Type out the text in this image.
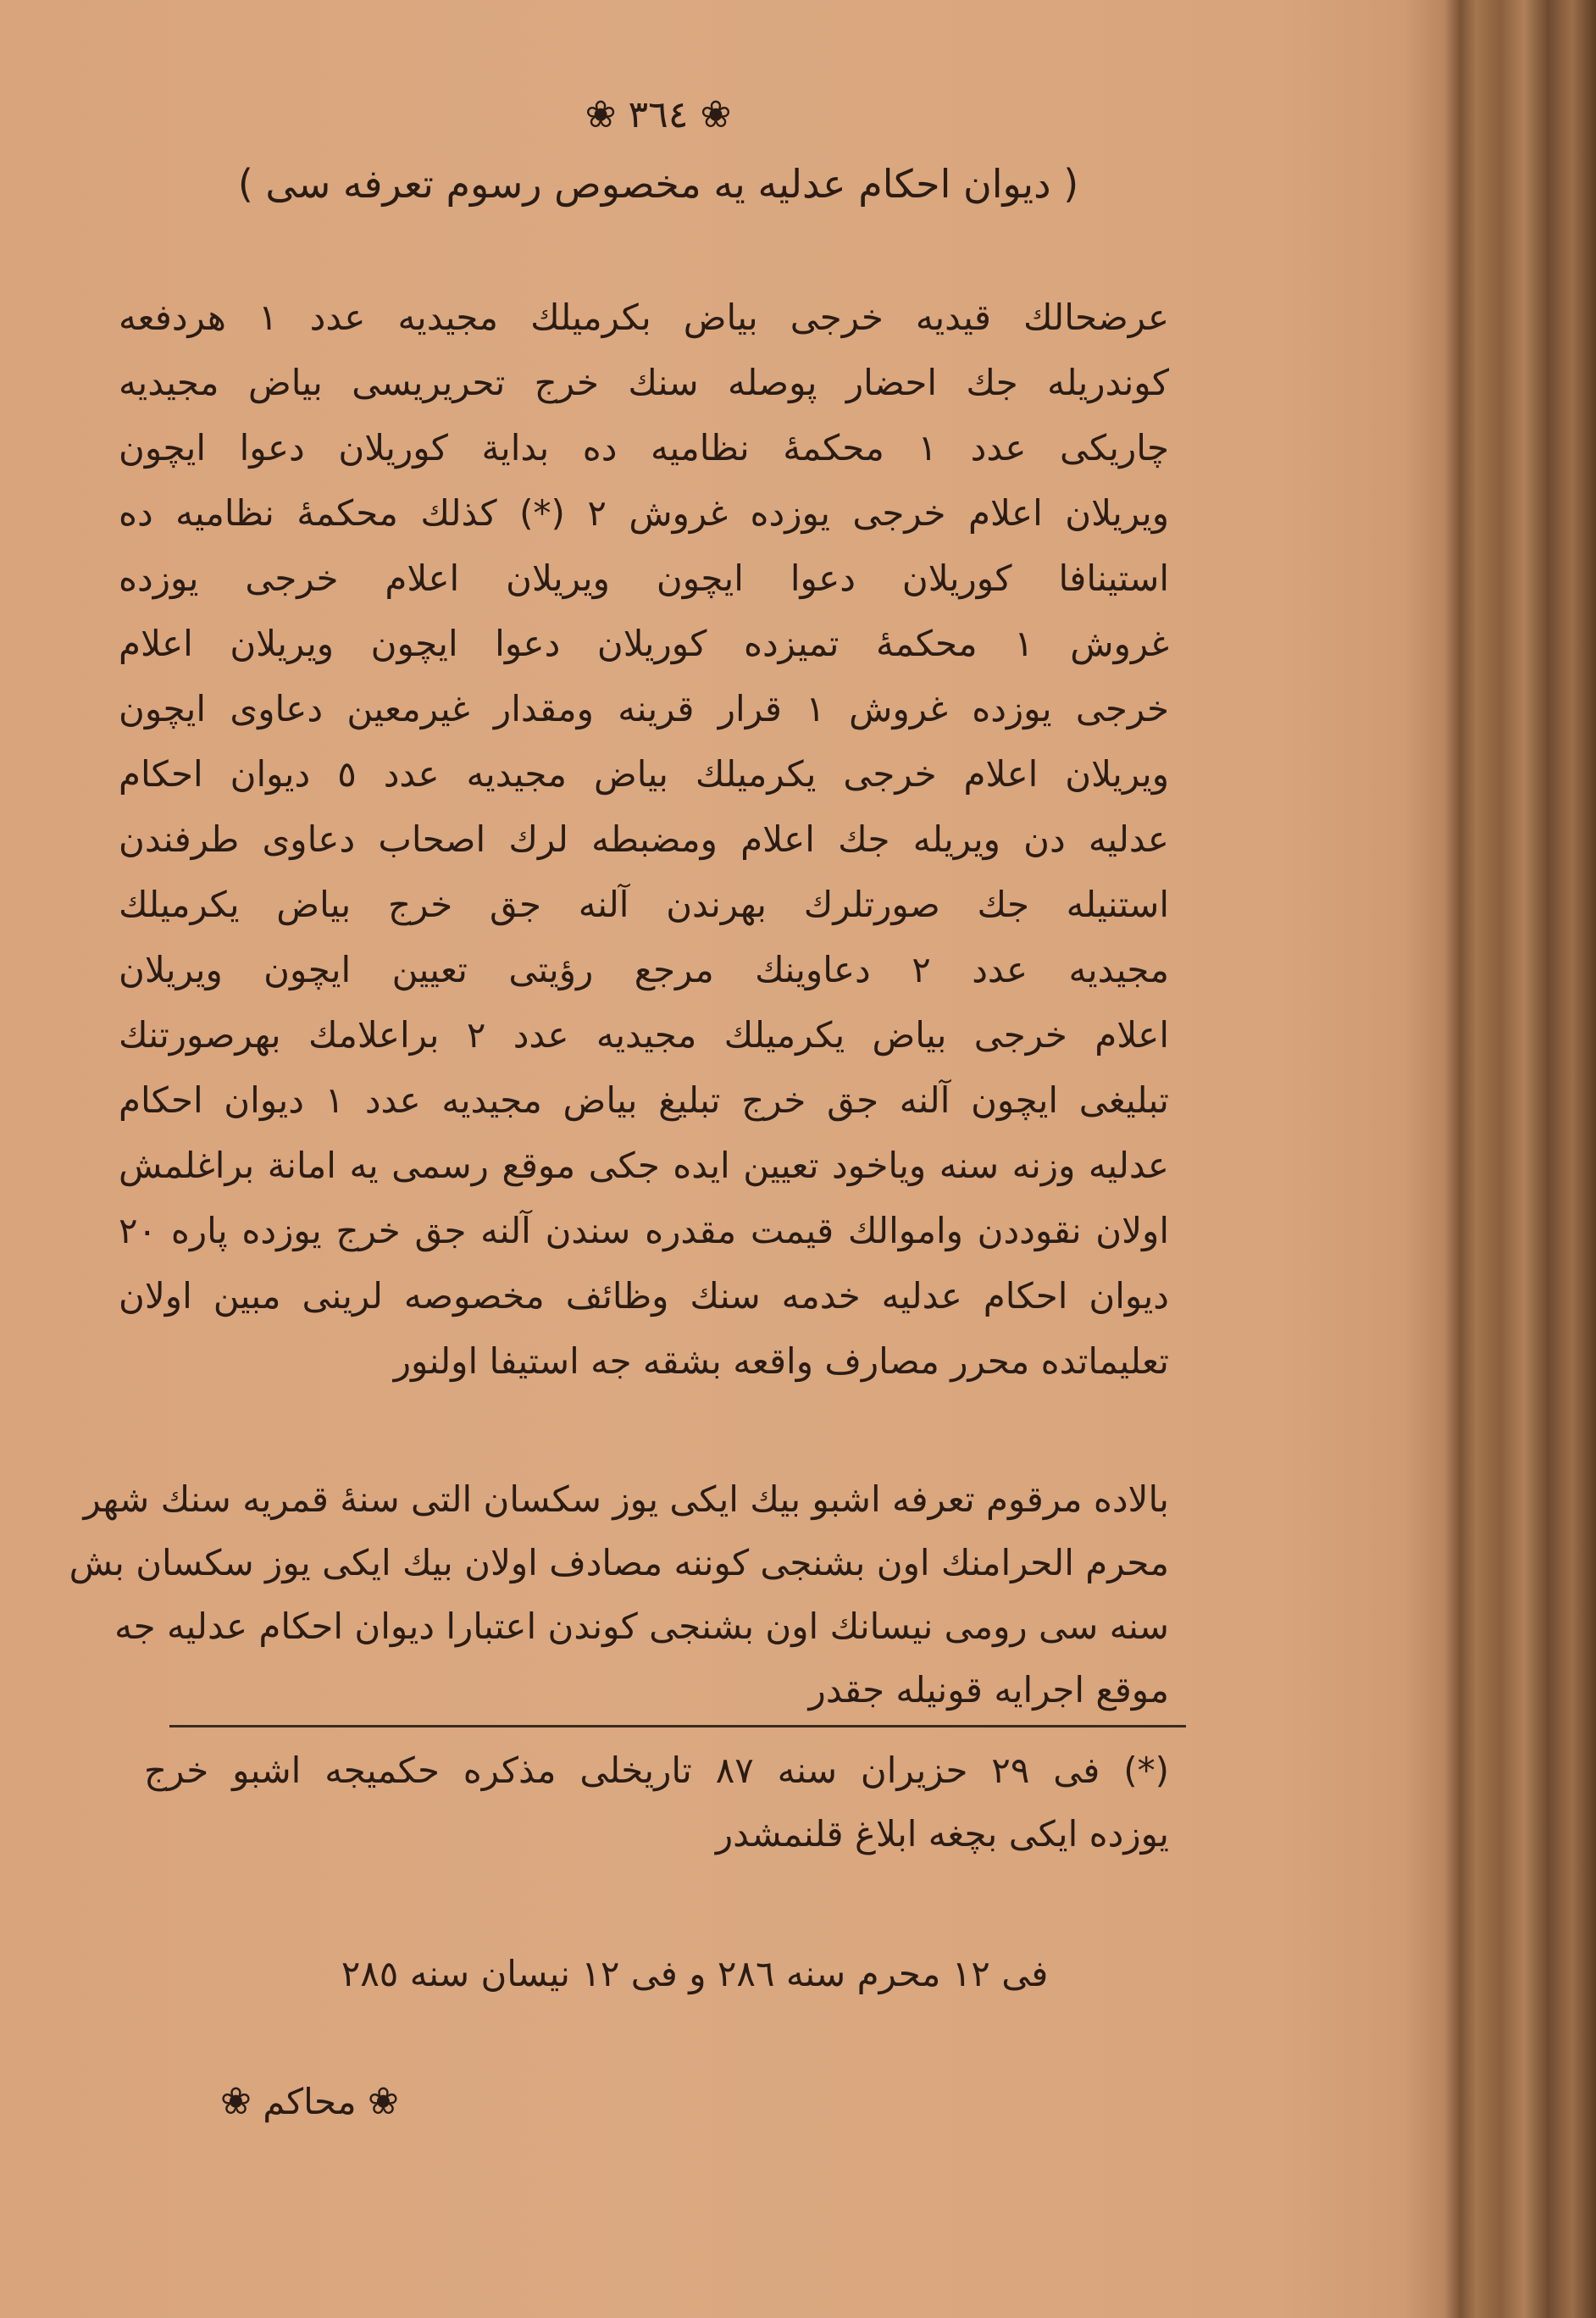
❀ ٣٦٤ ❀
( ديوان احكام عدليه يه مخصوص رسوم تعرفه سى )
عرضحالك قيديه خرجى بياض بكرميلك مجيديه عدد ۱ هردفعه
كوندريله جك احضار پوصله سنك خرج تحريريسى بياض مجيديه
چاريكى عدد ۱ محكمهٔ نظاميه ده بداية كوريلان دعوا ايچون
ويريلان اعلام خرجى يوزده غروش ۲ (*) كذلك محكمهٔ نظاميه ده
استينافا كوريلان دعوا ايچون ويريلان اعلام خرجى يوزده
غروش ۱ محكمهٔ تميزده كوريلان دعوا ايچون ويريلان اعلام
خرجى يوزده غروش ۱ قرار قرينه ومقدار غيرمعين دعاوى ايچون
ويريلان اعلام خرجى يكرميلك بياض مجيديه عدد ٥ ديوان احكام
عدليه دن ويريله جك اعلام ومضبطه لرك اصحاب دعاوى طرفندن
استنيله جك صورتلرك بهرندن آلنه جق خرج بياض يكرميلك
مجيديه عدد ۲ دعاوينك مرجع رؤيتى تعيين ايچون ويريلان
اعلام خرجى بياض يكرميلك مجيديه عدد ۲ براعلامك بهرصورتنك
تبليغى ايچون آلنه جق خرج تبليغ بياض مجيديه عدد ۱ ديوان احكام
عدليه وزنه سنه وياخود تعيين ايده جكى موقع رسمى يه امانة براغلمش
اولان نقوددن واموالك قيمت مقدره سندن آلنه جق خرج يوزده پاره ۲۰
ديوان احكام عدليه خدمه سنك وظائف مخصوصه لرينى مبين اولان
تعليماتده محرر مصارف واقعه بشقه جه استيفا اولنور
بالاده مرقوم تعرفه اشبو بيك ايكى يوز سكسان التى سنهٔ قمريه سنك شهر
محرم الحرامنك اون بشنجى كوننه مصادف اولان بيك ايكى يوز سكسان بش
سنه سى رومى نيسانك اون بشنجى كوندن اعتبارا ديوان احكام عدليه جه
موقع اجرايه قونيله جقدر
(*) فى ۲۹ حزيران سنه ۸۷ تاريخلى مذكره حكميجه اشبو خرج
يوزده ايكى بچغه ابلاغ قلنمشدر
فى ۱۲ محرم سنه ۲۸٦ و فى ۱۲ نيسان سنه ۲۸٥
❀ محاكم ❀
